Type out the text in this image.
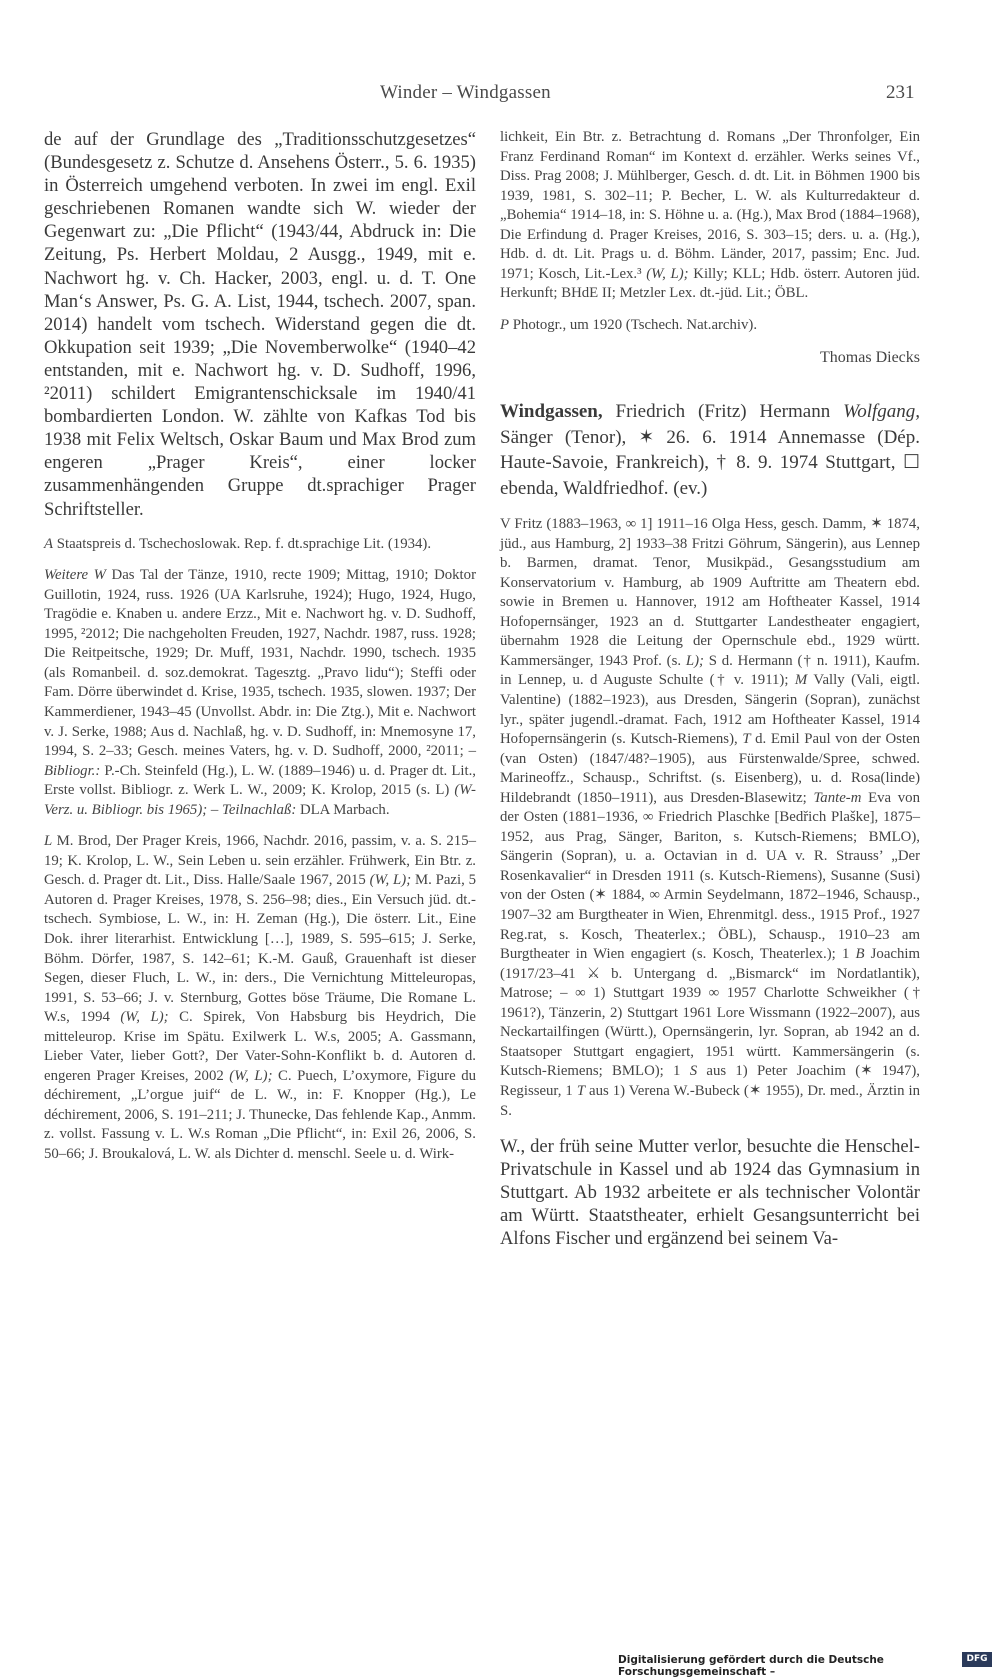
Winder – Windgassen	231

de auf der Grundlage des „Traditionsschutzgesetzes“ (Bundesgesetz z. Schutze d. Ansehens Österr., 5. 6. 1935) in Österreich umgehend verboten. In zwei im engl. Exil geschriebenen Romanen wandte sich W. wieder der Gegenwart zu: „Die Pflicht“ (1943/44, Abdruck in: Die Zeitung, Ps. Herbert Moldau, 2 Ausgg., 1949, mit e. Nachwort hg. v. Ch. Hacker, 2003, engl. u. d. T. One Man‘s Answer, Ps. G. A. List, 1944, tschech. 2007, span. 2014) handelt vom tschech. Widerstand gegen die dt. Okkupation seit 1939; „Die Novemberwolke“ (1940–42 entstanden, mit e. Nachwort hg. v. D. Sudhoff, 1996, ²2011) schildert Emigrantenschicksale im 1940/41 bombardierten London. W. zählte von Kafkas Tod bis 1938 mit Felix Weltsch, Oskar Baum und Max Brod zum engeren „Prager Kreis“, einer locker zusammenhängenden Gruppe dt.sprachiger Prager Schriftsteller.

A Staatspreis d. Tschechoslowak. Rep. f. dt.sprachige Lit. (1934).

Weitere W Das Tal der Tänze, 1910, recte 1909; Mittag, 1910; Doktor Guillotin, 1924, russ. 1926 (UA Karlsruhe, 1924); Hugo, 1924, Hugo, Tragödie e. Knaben u. andere Erzz., Mit e. Nachwort hg. v. D. Sudhoff, 1995, ²2012; Die nachgeholten Freuden, 1927, Nachdr. 1987, russ. 1928; Die Reitpeitsche, 1929; Dr. Muff, 1931, Nachdr. 1990, tschech. 1935 (als Romanbeil. d. soz.demokrat. Tagesztg. „Pravo lidu“); Steffi oder Fam. Dörre überwindet d. Krise, 1935, tschech. 1935, slowen. 1937; Der Kammerdiener, 1943–45 (Unvollst. Abdr. in: Die Ztg.), Mit e. Nachwort v. J. Serke, 1988; Aus d. Nachlaß, hg. v. D. Sudhoff, in: Mnemosyne 17, 1994, S. 2–33; Gesch. meines Vaters, hg. v. D. Sudhoff, 2000, ²2011; – Bibliogr.: P.-Ch. Steinfeld (Hg.), L. W. (1889–1946) u. d. Prager dt. Lit., Erste vollst. Bibliogr. z. Werk L. W., 2009; K. Krolop, 2015 (s. L) (W-Verz. u. Bibliogr. bis 1965); – Teilnachlaß: DLA Marbach.

L M. Brod, Der Prager Kreis, 1966, Nachdr. 2016, passim, v. a. S. 215–19; K. Krolop, L. W., Sein Leben u. sein erzähler. Frühwerk, Ein Btr. z. Gesch. d. Prager dt. Lit., Diss. Halle/Saale 1967, 2015 (W, L); M. Pazi, 5 Autoren d. Prager Kreises, 1978, S. 256–98; dies., Ein Versuch jüd. dt.-tschech. Symbiose, L. W., in: H. Zeman (Hg.), Die österr. Lit., Eine Dok. ihrer literarhist. Entwicklung […], 1989, S. 595–615; J. Serke, Böhm. Dörfer, 1987, S. 142–61; K.-M. Gauß, Grauenhaft ist dieser Segen, dieser Fluch, L. W., in: ders., Die Vernichtung Mitteleuropas, 1991, S. 53–66; J. v. Sternburg, Gottes böse Träume, Die Romane L. W.s, 1994 (W, L); C. Spirek, Von Habsburg bis Heydrich, Die mitteleurop. Krise im Spätu. Exilwerk L. W.s, 2005; A. Gassmann, Lieber Vater, lieber Gott?, Der Vater-Sohn-Konflikt b. d. Autoren d. engeren Prager Kreises, 2002 (W, L); C. Puech, L’oxymore, Figure du déchirement, „L’orgue juif“ de L. W., in: F. Knopper (Hg.), Le déchirement, 2006, S. 191–211; J. Thunecke, Das fehlende Kap., Anmm. z. vollst. Fassung v. L. W.s Roman „Die Pflicht“, in: Exil 26, 2006, S. 50–66; J. Broukalová, L. W. als Dichter d. menschl. Seele u. d. Wirk-

lichkeit, Ein Btr. z. Betrachtung d. Romans „Der Thronfolger, Ein Franz Ferdinand Roman“ im Kontext d. erzähler. Werks seines Vf., Diss. Prag 2008; J. Mühlberger, Gesch. d. dt. Lit. in Böhmen 1900 bis 1939, 1981, S. 302–11; P. Becher, L. W. als Kulturredakteur d. „Bohemia“ 1914–18, in: S. Höhne u. a. (Hg.), Max Brod (1884–1968), Die Erfindung d. Prager Kreises, 2016, S. 303–15; ders. u. a. (Hg.), Hdb. d. dt. Lit. Prags u. d. Böhm. Länder, 2017, passim; Enc. Jud. 1971; Kosch, Lit.-Lex.³ (W, L); Killy; KLL; Hdb. österr. Autoren jüd. Herkunft; BHdE II; Metzler Lex. dt.-jüd. Lit.; ÖBL.

P Photogr., um 1920 (Tschech. Nat.archiv).

Thomas Diecks

Windgassen, Friedrich (Fritz) Hermann Wolfgang, Sänger (Tenor), ✶ 26. 6. 1914 Annemasse (Dép. Haute-Savoie, Frankreich), † 8. 9. 1974 Stuttgart, ☐ ebenda, Waldfriedhof. (ev.)

V Fritz (1883–1963, ∞ 1] 1911–16 Olga Hess, gesch. Damm, ✶ 1874, jüd., aus Hamburg, 2] 1933–38 Fritzi Göhrum, Sängerin), aus Lennep b. Barmen, dramat. Tenor, Musikpäd., Gesangsstudium am Konservatorium v. Hamburg, ab 1909 Auftritte am Theatern ebd. sowie in Bremen u. Hannover, 1912 am Hoftheater Kassel, 1914 Hofopernsänger, 1923 an d. Stuttgarter Landestheater engagiert, übernahm 1928 die Leitung der Opernschule ebd., 1929 württ. Kammersänger, 1943 Prof. (s. L); S d. Hermann († n. 1911), Kaufm. in Lennep, u. d Auguste Schulte († v. 1911); M Vally (Vali, eigtl. Valentine) (1882–1923), aus Dresden, Sängerin (Sopran), zunächst lyr., später jugendl.-dramat. Fach, 1912 am Hoftheater Kassel, 1914 Hofopernsängerin (s. Kutsch-Riemens), T d. Emil Paul von der Osten (van Osten) (1847/48?–1905), aus Fürstenwalde/Spree, schwed. Marineoffz., Schausp., Schriftst. (s. Eisenberg), u. d. Rosa(linde) Hildebrandt (1850–1911), aus Dresden-Blasewitz; Tante-m Eva von der Osten (1881–1936, ∞ Friedrich Plaschke [Bedřich Plaške], 1875–1952, aus Prag, Sänger, Bariton, s. Kutsch-Riemens; BMLO), Sängerin (Sopran), u. a. Octavian in d. UA v. R. Strauss’ „Der Rosenkavalier“ in Dresden 1911 (s. Kutsch-Riemens), Susanne (Susi) von der Osten (✶ 1884, ∞ Armin Seydelmann, 1872–1946, Schausp., 1907–32 am Burgtheater in Wien, Ehrenmitgl. dess., 1915 Prof., 1927 Reg.rat, s. Kosch, Theaterlex.; ÖBL), Schausp., 1910–23 am Burgtheater in Wien engagiert (s. Kosch, Theaterlex.); 1 B Joachim (1917/23–41 ⚔ b. Untergang d. „Bismarck“ im Nordatlantik), Matrose; – ∞ 1) Stuttgart 1939 ∞ 1957 Charlotte Schweikher († 1961?), Tänzerin, 2) Stuttgart 1961 Lore Wissmann (1922–2007), aus Neckartailfingen (Württ.), Opernsängerin, lyr. Sopran, ab 1942 an d. Staatsoper Stuttgart engagiert, 1951 württ. Kammersängerin (s. Kutsch-Riemens; BMLO); 1 S aus 1) Peter Joachim (✶ 1947), Regisseur, 1 T aus 1) Verena W.-Bubeck (✶ 1955), Dr. med., Ärztin in S.

W., der früh seine Mutter verlor, besuchte die Henschel-Privatschule in Kassel und ab 1924 das Gymnasium in Stuttgart. Ab 1932 arbeitete er als technischer Volontär am Württ. Staatstheater, erhielt Gesangsunterricht bei Alfons Fischer und ergänzend bei seinem Va-

Digitalisierung gefördert durch die Deutsche Forschungsgemeinschaft –
DFG
